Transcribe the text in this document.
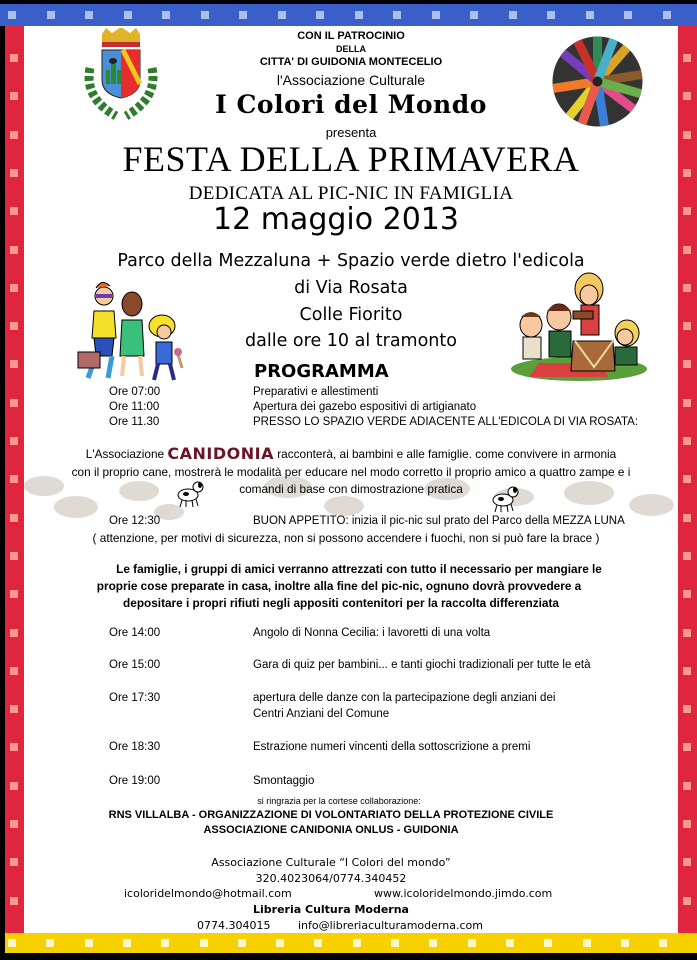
CON IL PATROCINIO
DELLA
CITTA' DI GUIDONIA MONTECELIO
l'Associazione Culturale
I Colori del Mondo
presenta
FESTA DELLA PRIMAVERA
DEDICATA AL PIC-NIC IN FAMIGLIA
12 maggio 2013
Parco della Mezzaluna + Spazio verde dietro l'edicola
di Via Rosata
Colle Fiorito
dalle ore 10 al tramonto
PROGRAMMA
Ore 07:00	Preparativi e allestimenti
Ore 11:00	Apertura dei gazebo espositivi di artigianato
Ore 11.30	PRESSO LO SPAZIO VERDE ADIACENTE ALL'EDICOLA DI VIA ROSATA:
L'Associazione CANIDONIA racconterà, ai bambini e alle famiglie. come convivere in armonia
con il proprio cane, mostrerà le modalità per educare nel modo corretto il proprio amico a quattro zampe e i
comandi di base con dimostrazione pratica
Ore 12:30	BUON APPETITO: inizia il pic-nic sul prato del Parco della MEZZA LUNA
( attenzione, per motivi di sicurezza, non si possono accendere i fuochi, non si può fare la brace )
Le famiglie, i gruppi di amici verranno attrezzati con tutto il necessario per mangiare le
proprie cose preparate in casa, inoltre alla fine del pic-nic, ognuno dovrà provvedere a
depositare i propri rifiuti negli appositi contenitori per la raccolta differenziata
Ore 14:00	Angolo di Nonna Cecilia: i lavoretti di una volta
Ore 15:00	Gara di quiz per bambini... e tanti giochi tradizionali per tutte le età
Ore 17:30	apertura delle danze con la partecipazione degli anziani dei
Centri Anziani del Comune
Ore 18:30	Estrazione numeri vincenti della sottoscrizione a premi
Ore 19:00	Smontaggio
si ringrazia per la cortese collaborazione:
RNS VILLALBA - ORGANIZZAZIONE DI VOLONTARIATO DELLA PROTEZIONE CIVILE
ASSOCIAZIONE CANIDONIA ONLUS - GUIDONIA
Associazione Culturale “I Colori del mondo”
320.4023064/0774.340452
icoloridelmondo@hotmail.com	www.icoloridelmondo.jimdo.com
Libreria Cultura Moderna
0774.304015	info@libreriaculturamoderna.com
